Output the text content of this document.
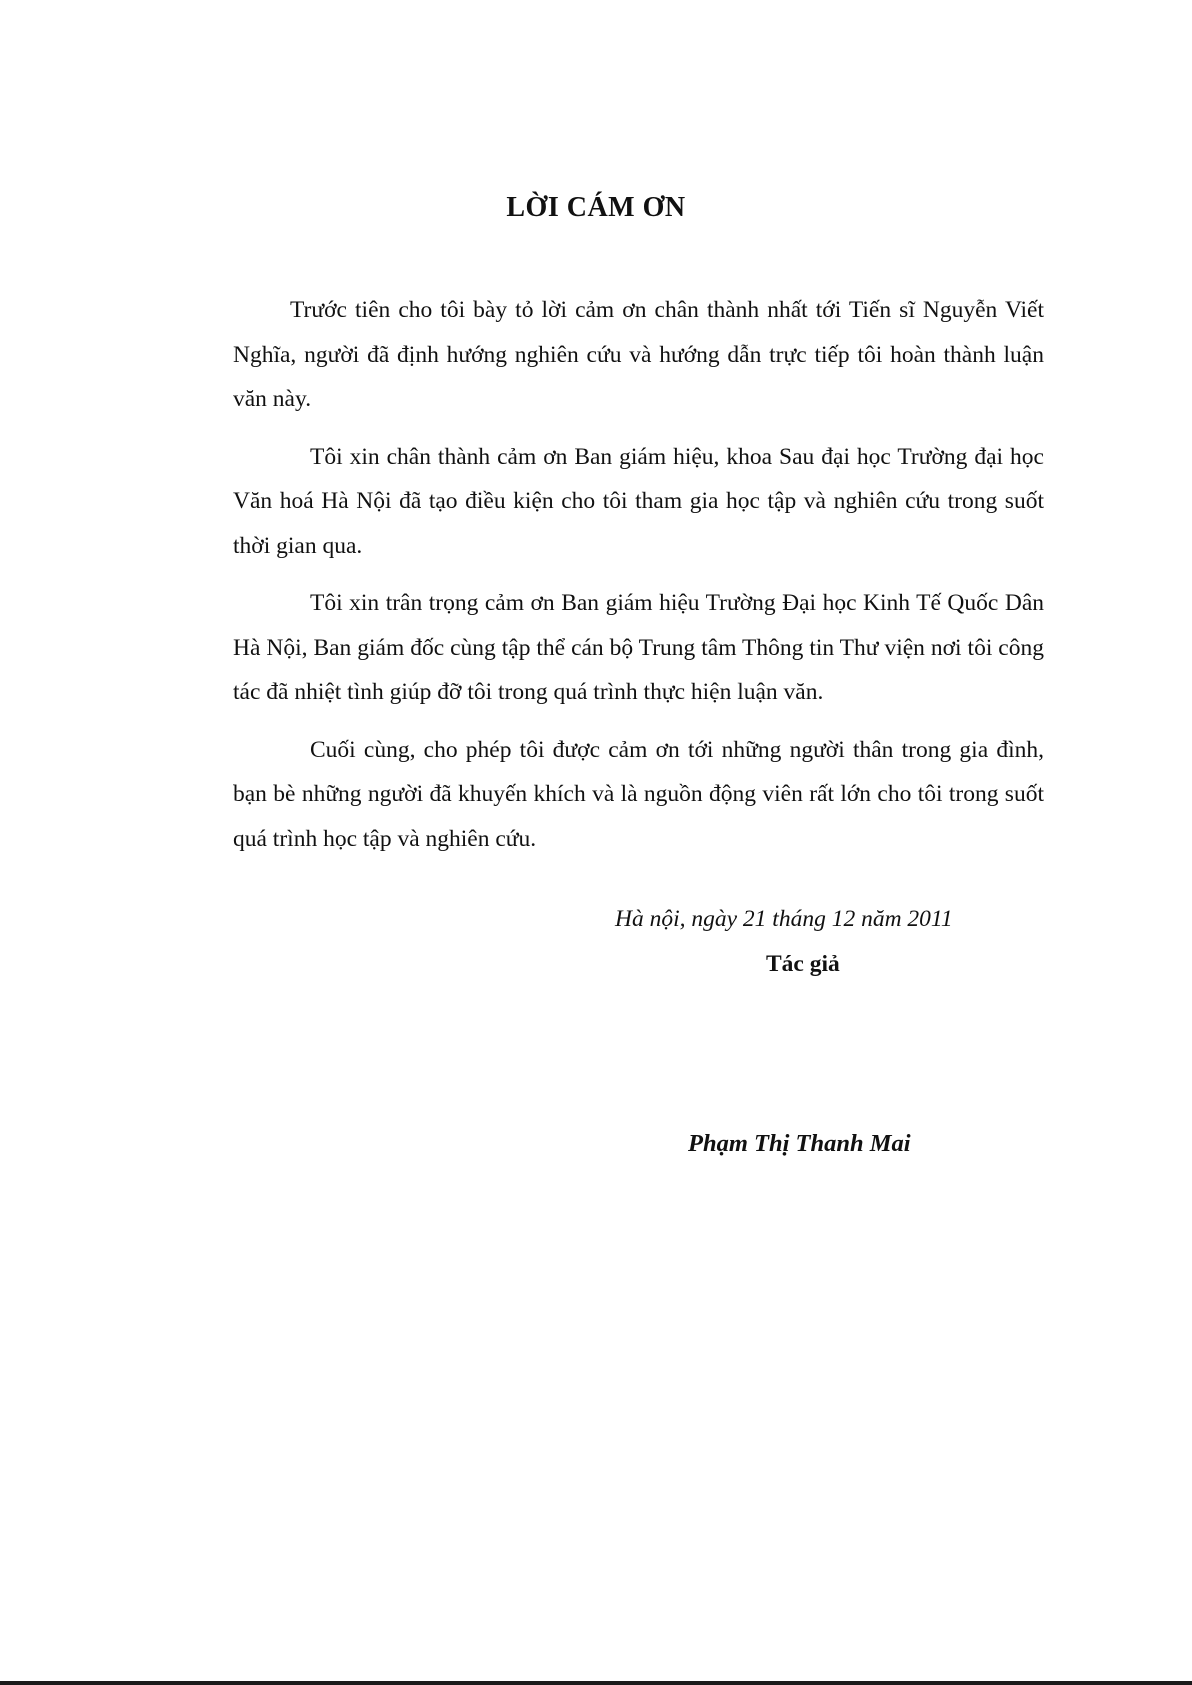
LỜI CÁM ƠN

Trước tiên cho tôi bày tỏ lời cảm ơn chân thành nhất tới Tiến sĩ Nguyễn Viết Nghĩa, người đã định hướng nghiên cứu và hướng dẫn trực tiếp tôi hoàn thành luận văn này.

Tôi xin chân thành cảm ơn Ban giám hiệu, khoa Sau đại học Trường đại học Văn hoá Hà Nội đã tạo điều kiện cho tôi tham gia học tập và nghiên cứu trong suốt thời gian qua.

Tôi xin trân trọng cảm ơn Ban giám hiệu Trường Đại học Kinh Tế Quốc Dân Hà Nội, Ban giám đốc cùng tập thể cán bộ Trung tâm Thông tin Thư viện nơi tôi công tác đã nhiệt tình giúp đỡ tôi trong quá trình thực hiện luận văn.

Cuối cùng, cho phép tôi được cảm ơn tới những người thân trong gia đình, bạn bè những người đã khuyến khích và là nguồn động viên rất lớn cho tôi trong suốt quá trình học tập và nghiên cứu.

Hà nội, ngày 21 tháng 12 năm 2011

Tác giả

Phạm Thị Thanh Mai
